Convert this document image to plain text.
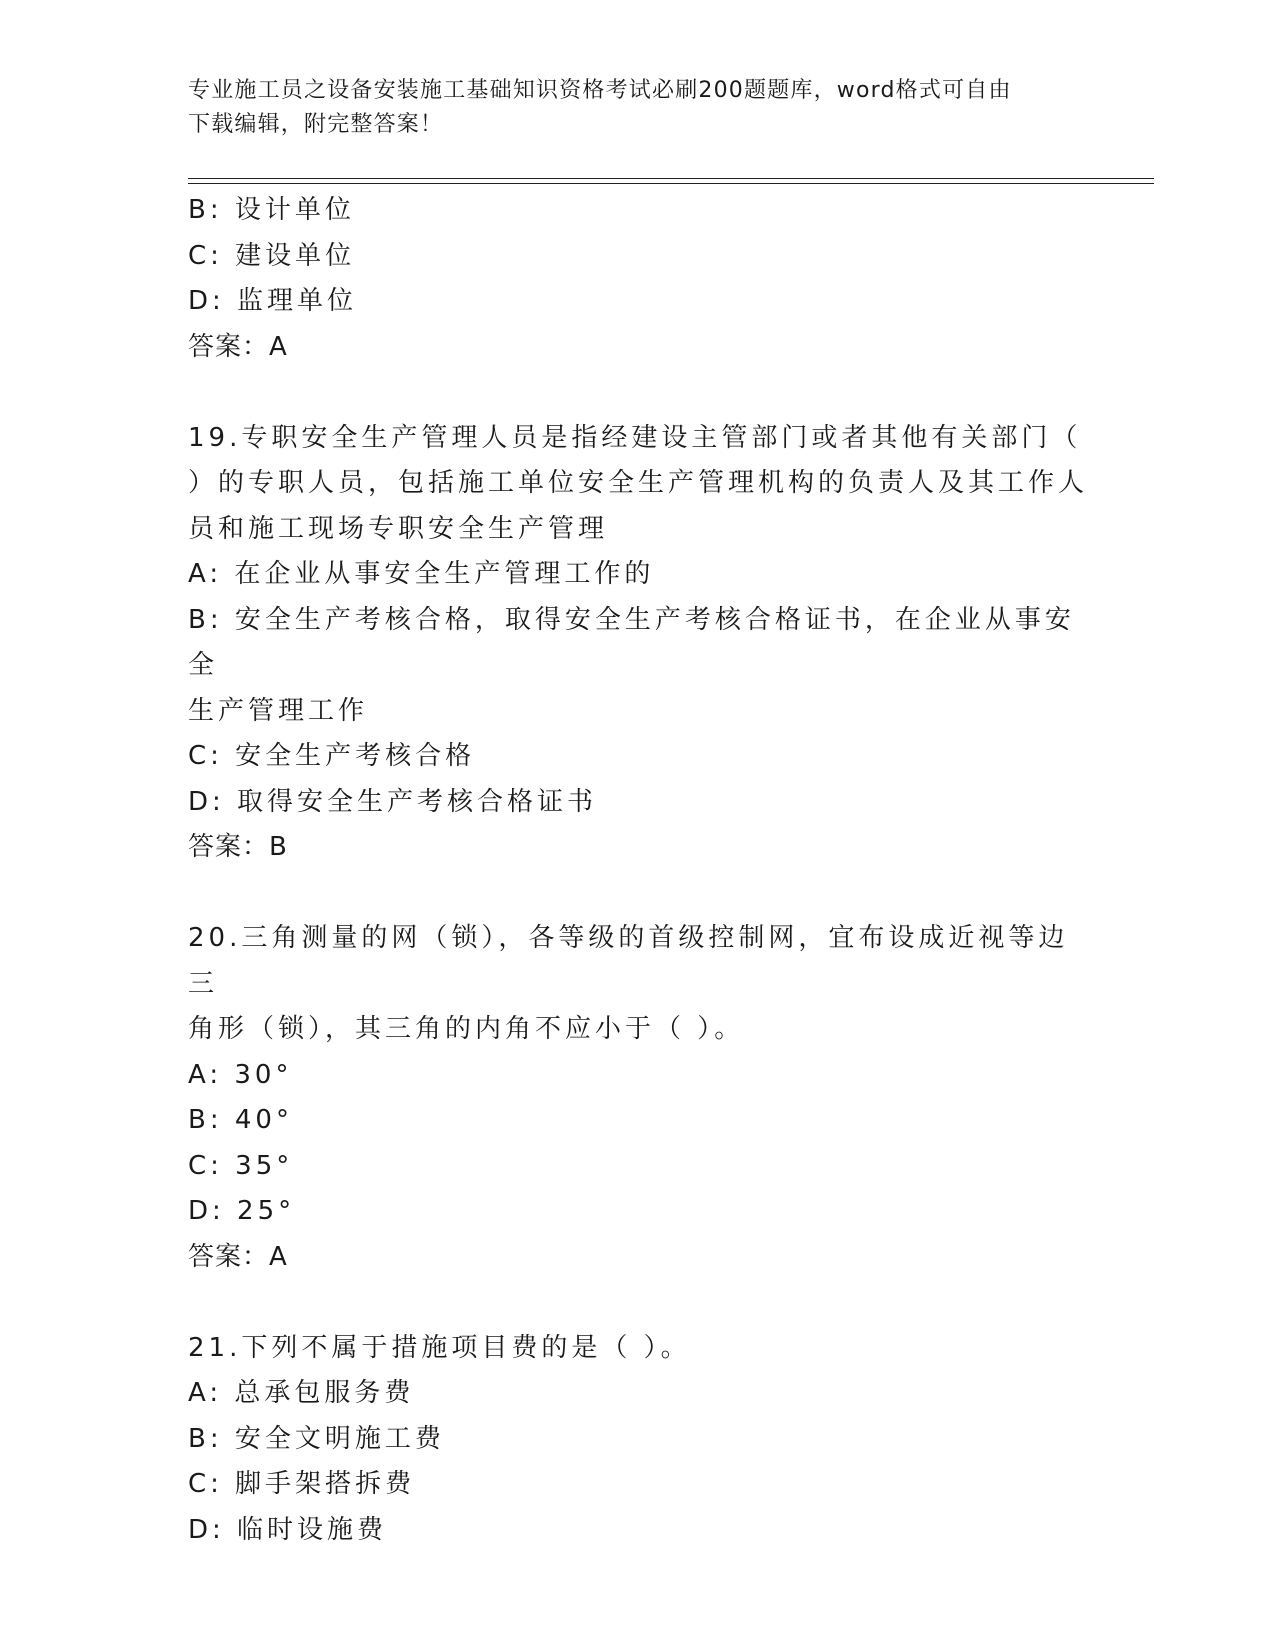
专业施工员之设备安装施工基础知识资格考试必刷200题题库，word格式可自由
下载编辑，附完整答案！
B: 设计单位
C: 建设单位
D: 监理单位
答案：A
19.专职安全生产管理人员是指经建设主管部门或者其他有关部门（
）的专职人员，包括施工单位安全生产管理机构的负责人及其工作人
员和施工现场专职安全生产管理
A: 在企业从事安全生产管理工作的
B: 安全生产考核合格，取得安全生产考核合格证书，在企业从事安全
生产管理工作
C: 安全生产考核合格
D: 取得安全生产考核合格证书
答案：B
20.三角测量的网（锁），各等级的首级控制网，宜布设成近视等边三
角形（锁），其三角的内角不应小于（ ）。
A: 30°
B: 40°
C: 35°
D: 25°
答案：A
21.下列不属于措施项目费的是（ ）。
A: 总承包服务费
B: 安全文明施工费
C: 脚手架搭拆费
D: 临时设施费
